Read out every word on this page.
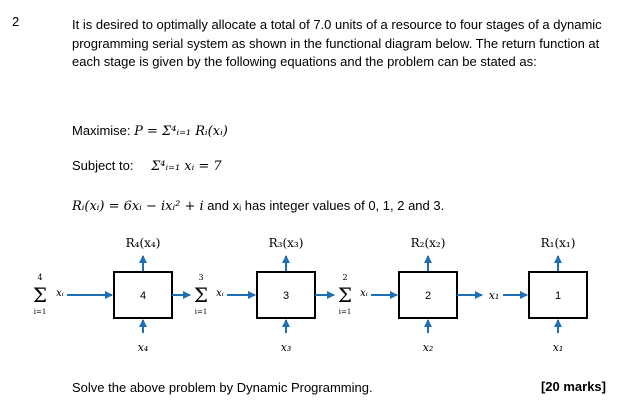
2	It is desired to optimally allocate a total of 7.0 units of a resource to four stages of a dynamic programming serial system as shown in the functional diagram below. The return function at each stage is given by the following equations and the problem can be stated as:
Maximise: P = Σ⁴ᵢ₌₁ Rᵢ(xᵢ)
Subject to: Σ⁴ᵢ₌₁ xᵢ = 7
Rᵢ(xᵢ) = 6xᵢ − ixᵢ² + i and xᵢ has integer values of 0, 1, 2 and 3.
R₄(x₄)	R₃(x₃)	R₂(x₂)	R₁(x₁)
4	3	2	1
x₄	x₃	x₂	x₁
4
Σ
i=1
xᵢ
3
Σ
i=1
xᵢ
2
Σ
i=1
xᵢ	x₁
Solve the above problem by Dynamic Programming.	[20 marks]
